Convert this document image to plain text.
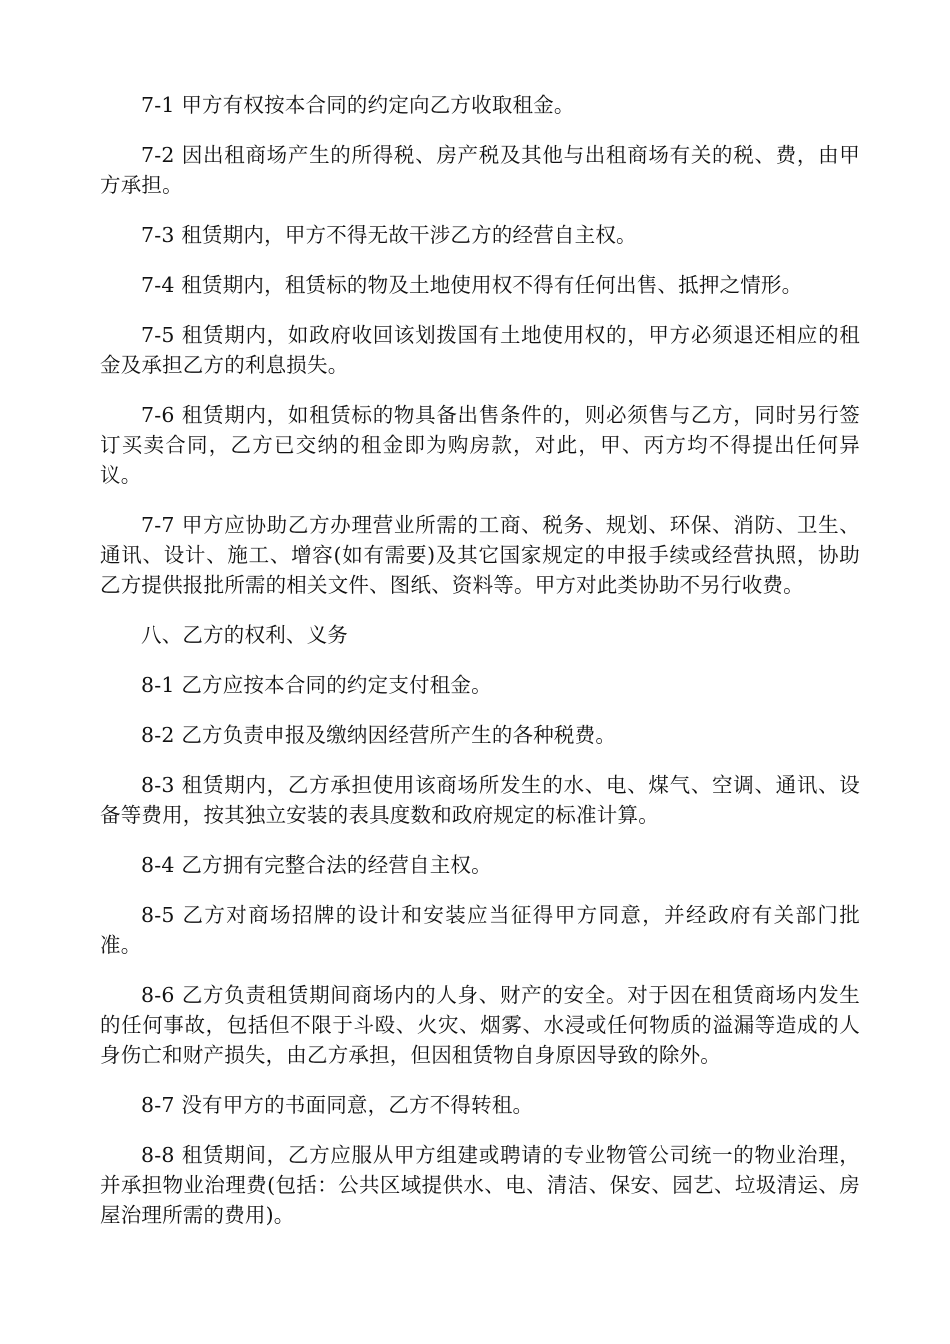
7-1 甲方有权按本合同的约定向乙方收取租金。

7-2 因出租商场产生的所得税、房产税及其他与出租商场有关的税、费，由甲方承担。

7-3 租赁期内，甲方不得无故干涉乙方的经营自主权。

7-4 租赁期内，租赁标的物及土地使用权不得有任何出售、抵押之情形。

7-5 租赁期内，如政府收回该划拨国有土地使用权的，甲方必须退还相应的租金及承担乙方的利息损失。

7-6 租赁期内，如租赁标的物具备出售条件的，则必须售与乙方，同时另行签订买卖合同，乙方已交纳的租金即为购房款，对此，甲、丙方均不得提出任何异议。

7-7 甲方应协助乙方办理营业所需的工商、税务、规划、环保、消防、卫生、通讯、设计、施工、增容(如有需要)及其它国家规定的申报手续或经营执照，协助乙方提供报批所需的相关文件、图纸、资料等。甲方对此类协助不另行收费。

八、乙方的权利、义务

8-1 乙方应按本合同的约定支付租金。

8-2 乙方负责申报及缴纳因经营所产生的各种税费。

8-3 租赁期内，乙方承担使用该商场所发生的水、电、煤气、空调、通讯、设备等费用，按其独立安装的表具度数和政府规定的标准计算。

8-4 乙方拥有完整合法的经营自主权。

8-5 乙方对商场招牌的设计和安装应当征得甲方同意，并经政府有关部门批准。

8-6 乙方负责租赁期间商场内的人身、财产的安全。对于因在租赁商场内发生的任何事故，包括但不限于斗殴、火灾、烟雾、水浸或任何物质的溢漏等造成的人身伤亡和财产损失，由乙方承担，但因租赁物自身原因导致的除外。

8-7 没有甲方的书面同意，乙方不得转租。

8-8 租赁期间，乙方应服从甲方组建或聘请的专业物管公司统一的物业治理，并承担物业治理费(包括：公共区域提供水、电、清洁、保安、园艺、垃圾清运、房屋治理所需的费用)。
